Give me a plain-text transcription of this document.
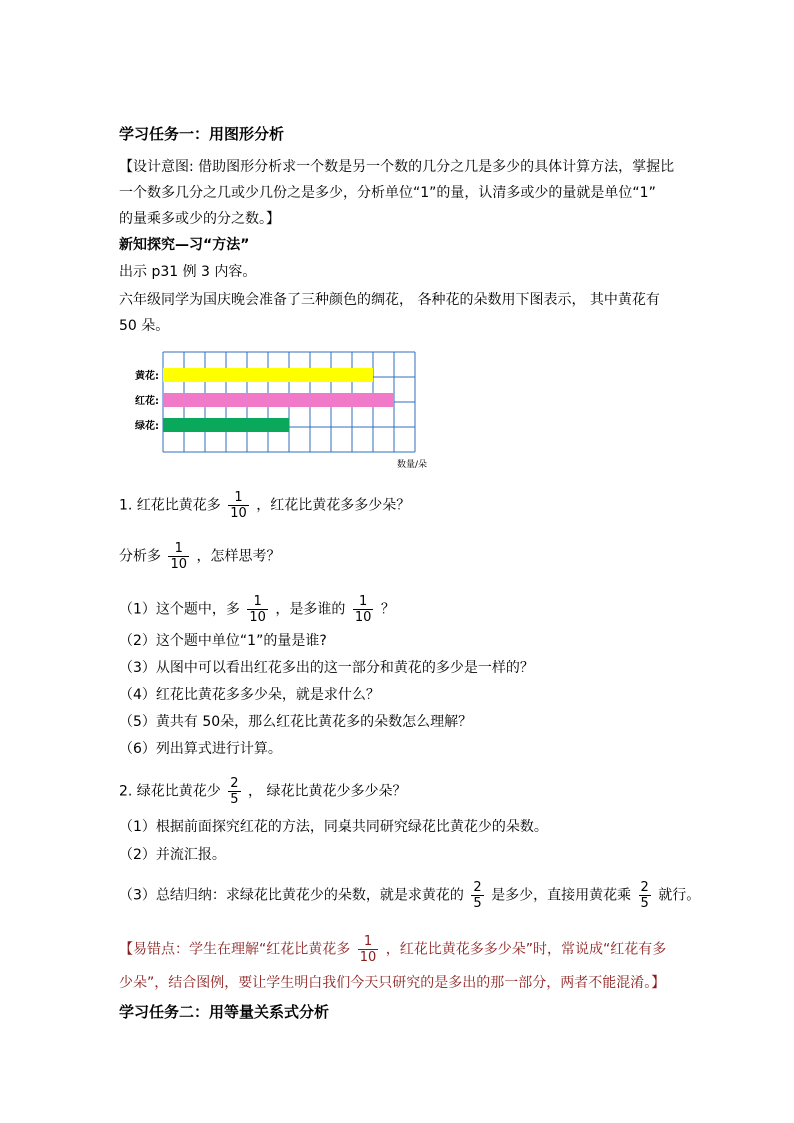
学习任务一：用图形分析
【设计意图: 借助图形分析求一个数是另一个数的几分之几是多少的具体计算方法，掌握比
一个数多几分之几或少几份之是多少，分析单位“1”的量，认清多或少的量就是单位“1”
的量乘多或少的分之数。】
新知探究—习“方法”
出示 p31 例 3 内容。
六年级同学为国庆晚会准备了三种颜色的绸花， 各种花的朵数用下图表示， 其中黄花有
50 朵。
黄花:
红花:
绿花:
数量/朵
1. 红花比黄花多 $\frac{1}{10}$ ，红花比黄花多多少朵？
分析多 $\frac{1}{10}$ ，怎样思考？
（1）这个题中，多 $\frac{1}{10}$ ，是多谁的 $\frac{1}{10}$ ？
（2）这个题中单位“1”的量是谁?
（3）从图中可以看出红花多出的这一部分和黄花的多少是一样的？
（4）红花比黄花多多少朵，就是求什么？
（5）黄共有 50朵，那么红花比黄花多的朵数怎么理解？
（6）列出算式进行计算。
2. 绿花比黄花少 $\frac{2}{5}$ ， 绿花比黄花少多少朵？
（1）根据前面探究红花的方法，同桌共同研究绿花比黄花少的朵数。
（2）并流汇报。
（3）总结归纳：求绿花比黄花少的朵数，就是求黄花的 $\frac{2}{5}$ 是多少，直接用黄花乘 $\frac{2}{5}$ 就行。
【易错点：学生在理解“红花比黄花多 $\frac{1}{10}$ ，红花比黄花多多少朵”时，常说成“红花有多
少朵”，结合图例，要让学生明白我们今天只研究的是多出的那一部分，两者不能混淆。】
学习任务二：用等量关系式分析
